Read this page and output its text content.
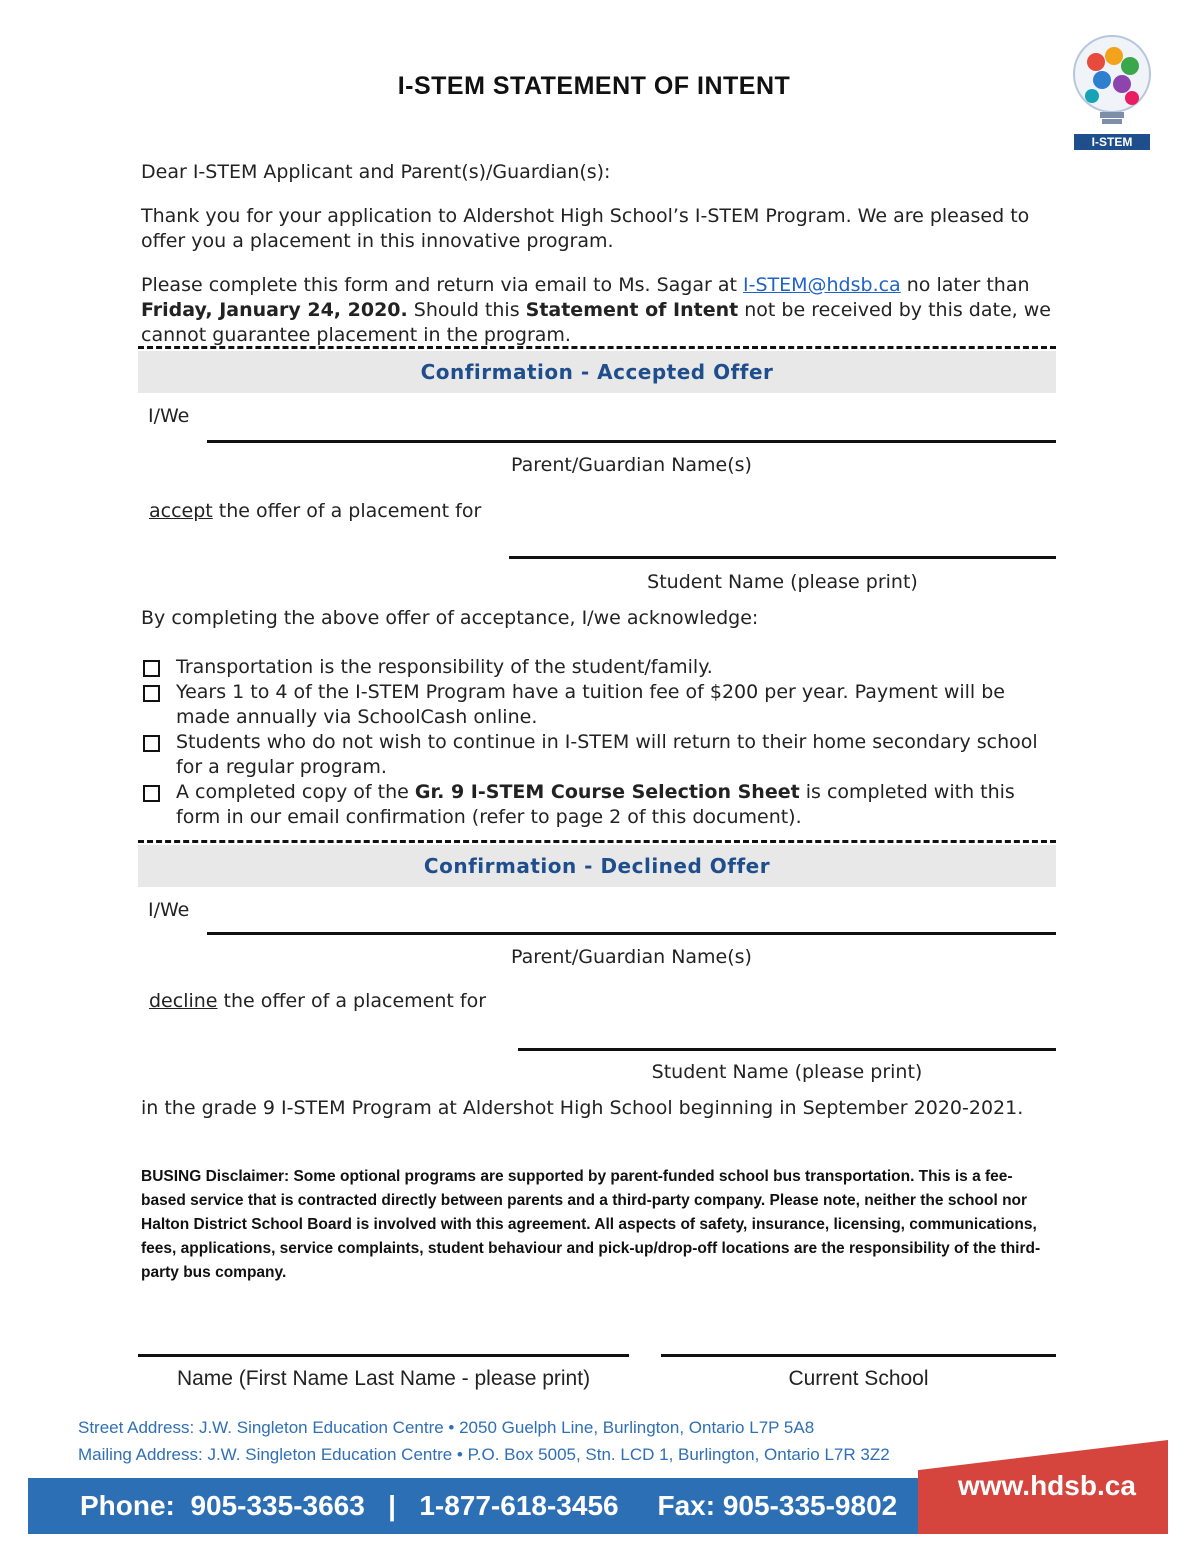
I-STEM STATEMENT OF INTENT
I-STEM
Dear I-STEM Applicant and Parent(s)/Guardian(s):
Thank you for your application to Aldershot High School’s I-STEM Program. We are pleased to offer you a placement in this innovative program.
Please complete this form and return via email to Ms. Sagar at I-STEM@hdsb.ca no later than Friday, January 24, 2020. Should this Statement of Intent not be received by this date, we cannot guarantee placement in the program.
Confirmation - Accepted Offer
I/We
Parent/Guardian Name(s)
accept the offer of a placement for
Student Name (please print)
By completing the above offer of acceptance, I/we acknowledge:
Transportation is the responsibility of the student/family.
Years 1 to 4 of the I-STEM Program have a tuition fee of $200 per year. Payment will be made annually via SchoolCash online.
Students who do not wish to continue in I-STEM will return to their home secondary school for a regular program.
A completed copy of the Gr. 9 I-STEM Course Selection Sheet is completed with this form in our email confirmation (refer to page 2 of this document).
Confirmation - Declined Offer
I/We
Parent/Guardian Name(s)
decline the offer of a placement for
Student Name (please print)
in the grade 9 I-STEM Program at Aldershot High School beginning in September 2020-2021.
BUSING Disclaimer: Some optional programs are supported by parent-funded school bus transportation. This is a fee-based service that is contracted directly between parents and a third-party company. Please note, neither the school nor Halton District School Board is involved with this agreement. All aspects of safety, insurance, licensing, communications, fees, applications, service complaints, student behaviour and pick-up/drop-off locations are the responsibility of the third-party bus company.
Name (First Name Last Name - please print)	Current School
Street Address: J.W. Singleton Education Centre • 2050 Guelph Line, Burlington, Ontario L7P 5A8
Mailing Address: J.W. Singleton Education Centre • P.O. Box 5005, Stn. LCD 1, Burlington, Ontario L7R 3Z2
Phone:  905-335-3663   |   1-877-618-3456     Fax: 905-335-9802
www.hdsb.ca
